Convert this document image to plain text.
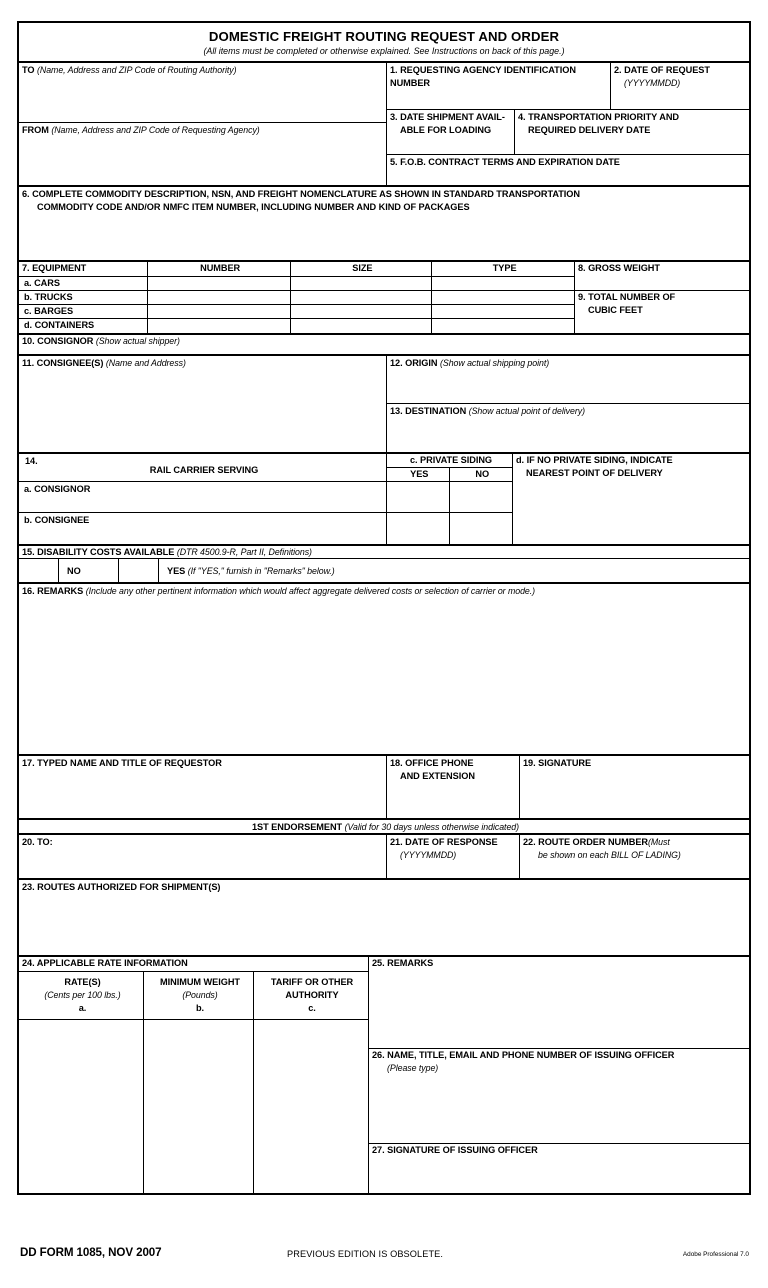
DOMESTIC FREIGHT ROUTING REQUEST AND ORDER
(All items must be completed or otherwise explained. See Instructions on back of this page.)
TO (Name, Address and ZIP Code of Routing Authority)
FROM (Name, Address and ZIP Code of Requesting Agency)
1. REQUESTING AGENCY IDENTIFICATION
NUMBER
2. DATE OF REQUEST
(YYYYMMDD)
3. DATE SHIPMENT AVAIL-
ABLE FOR LOADING
4. TRANSPORTATION PRIORITY AND
REQUIRED DELIVERY DATE
5. F.O.B. CONTRACT TERMS AND EXPIRATION DATE
6. COMPLETE COMMODITY DESCRIPTION, NSN, AND FREIGHT NOMENCLATURE AS SHOWN IN STANDARD TRANSPORTATION
COMMODITY CODE AND/OR NMFC ITEM NUMBER, INCLUDING NUMBER AND KIND OF PACKAGES
7. EQUIPMENT	NUMBER	SIZE	TYPE
a. CARS
b. TRUCKS
c. BARGES
d. CONTAINERS
8. GROSS WEIGHT
9. TOTAL NUMBER OF
CUBIC FEET
10. CONSIGNOR (Show actual shipper)
11. CONSIGNEE(S) (Name and Address)	12. ORIGIN (Show actual shipping point)
13. DESTINATION (Show actual point of delivery)
14.
RAIL CARRIER SERVING
a. CONSIGNOR
b. CONSIGNEE
c. PRIVATE SIDING
YES	NO
d. IF NO PRIVATE SIDING, INDICATE
NEAREST POINT OF DELIVERY
15. DISABILITY COSTS AVAILABLE (DTR 4500.9-R, Part II, Definitions)
NO	YES (If "YES," furnish in "Remarks" below.)
16. REMARKS (Include any other pertinent information which would affect aggregate delivered costs or selection of carrier or mode.)
17. TYPED NAME AND TITLE OF REQUESTOR	18. OFFICE PHONE
AND EXTENSION
19. SIGNATURE
1ST ENDORSEMENT (Valid for 30 days unless otherwise indicated)
20. TO:	21. DATE OF RESPONSE
(YYYYMMDD)
22. ROUTE ORDER NUMBER(Must
be shown on each BILL OF LADING)
23. ROUTES AUTHORIZED FOR SHIPMENT(S)
24. APPLICABLE RATE INFORMATION
RATE(S)
(Cents per 100 lbs.)
a.
MINIMUM WEIGHT
(Pounds)
b.
TARIFF OR OTHER
AUTHORITY
c.
25. REMARKS
26. NAME, TITLE, EMAIL AND PHONE NUMBER OF ISSUING OFFICER
(Please type)
27. SIGNATURE OF ISSUING OFFICER
DD FORM 1085, NOV 2007	PREVIOUS EDITION IS OBSOLETE.	Adobe Professional 7.0
